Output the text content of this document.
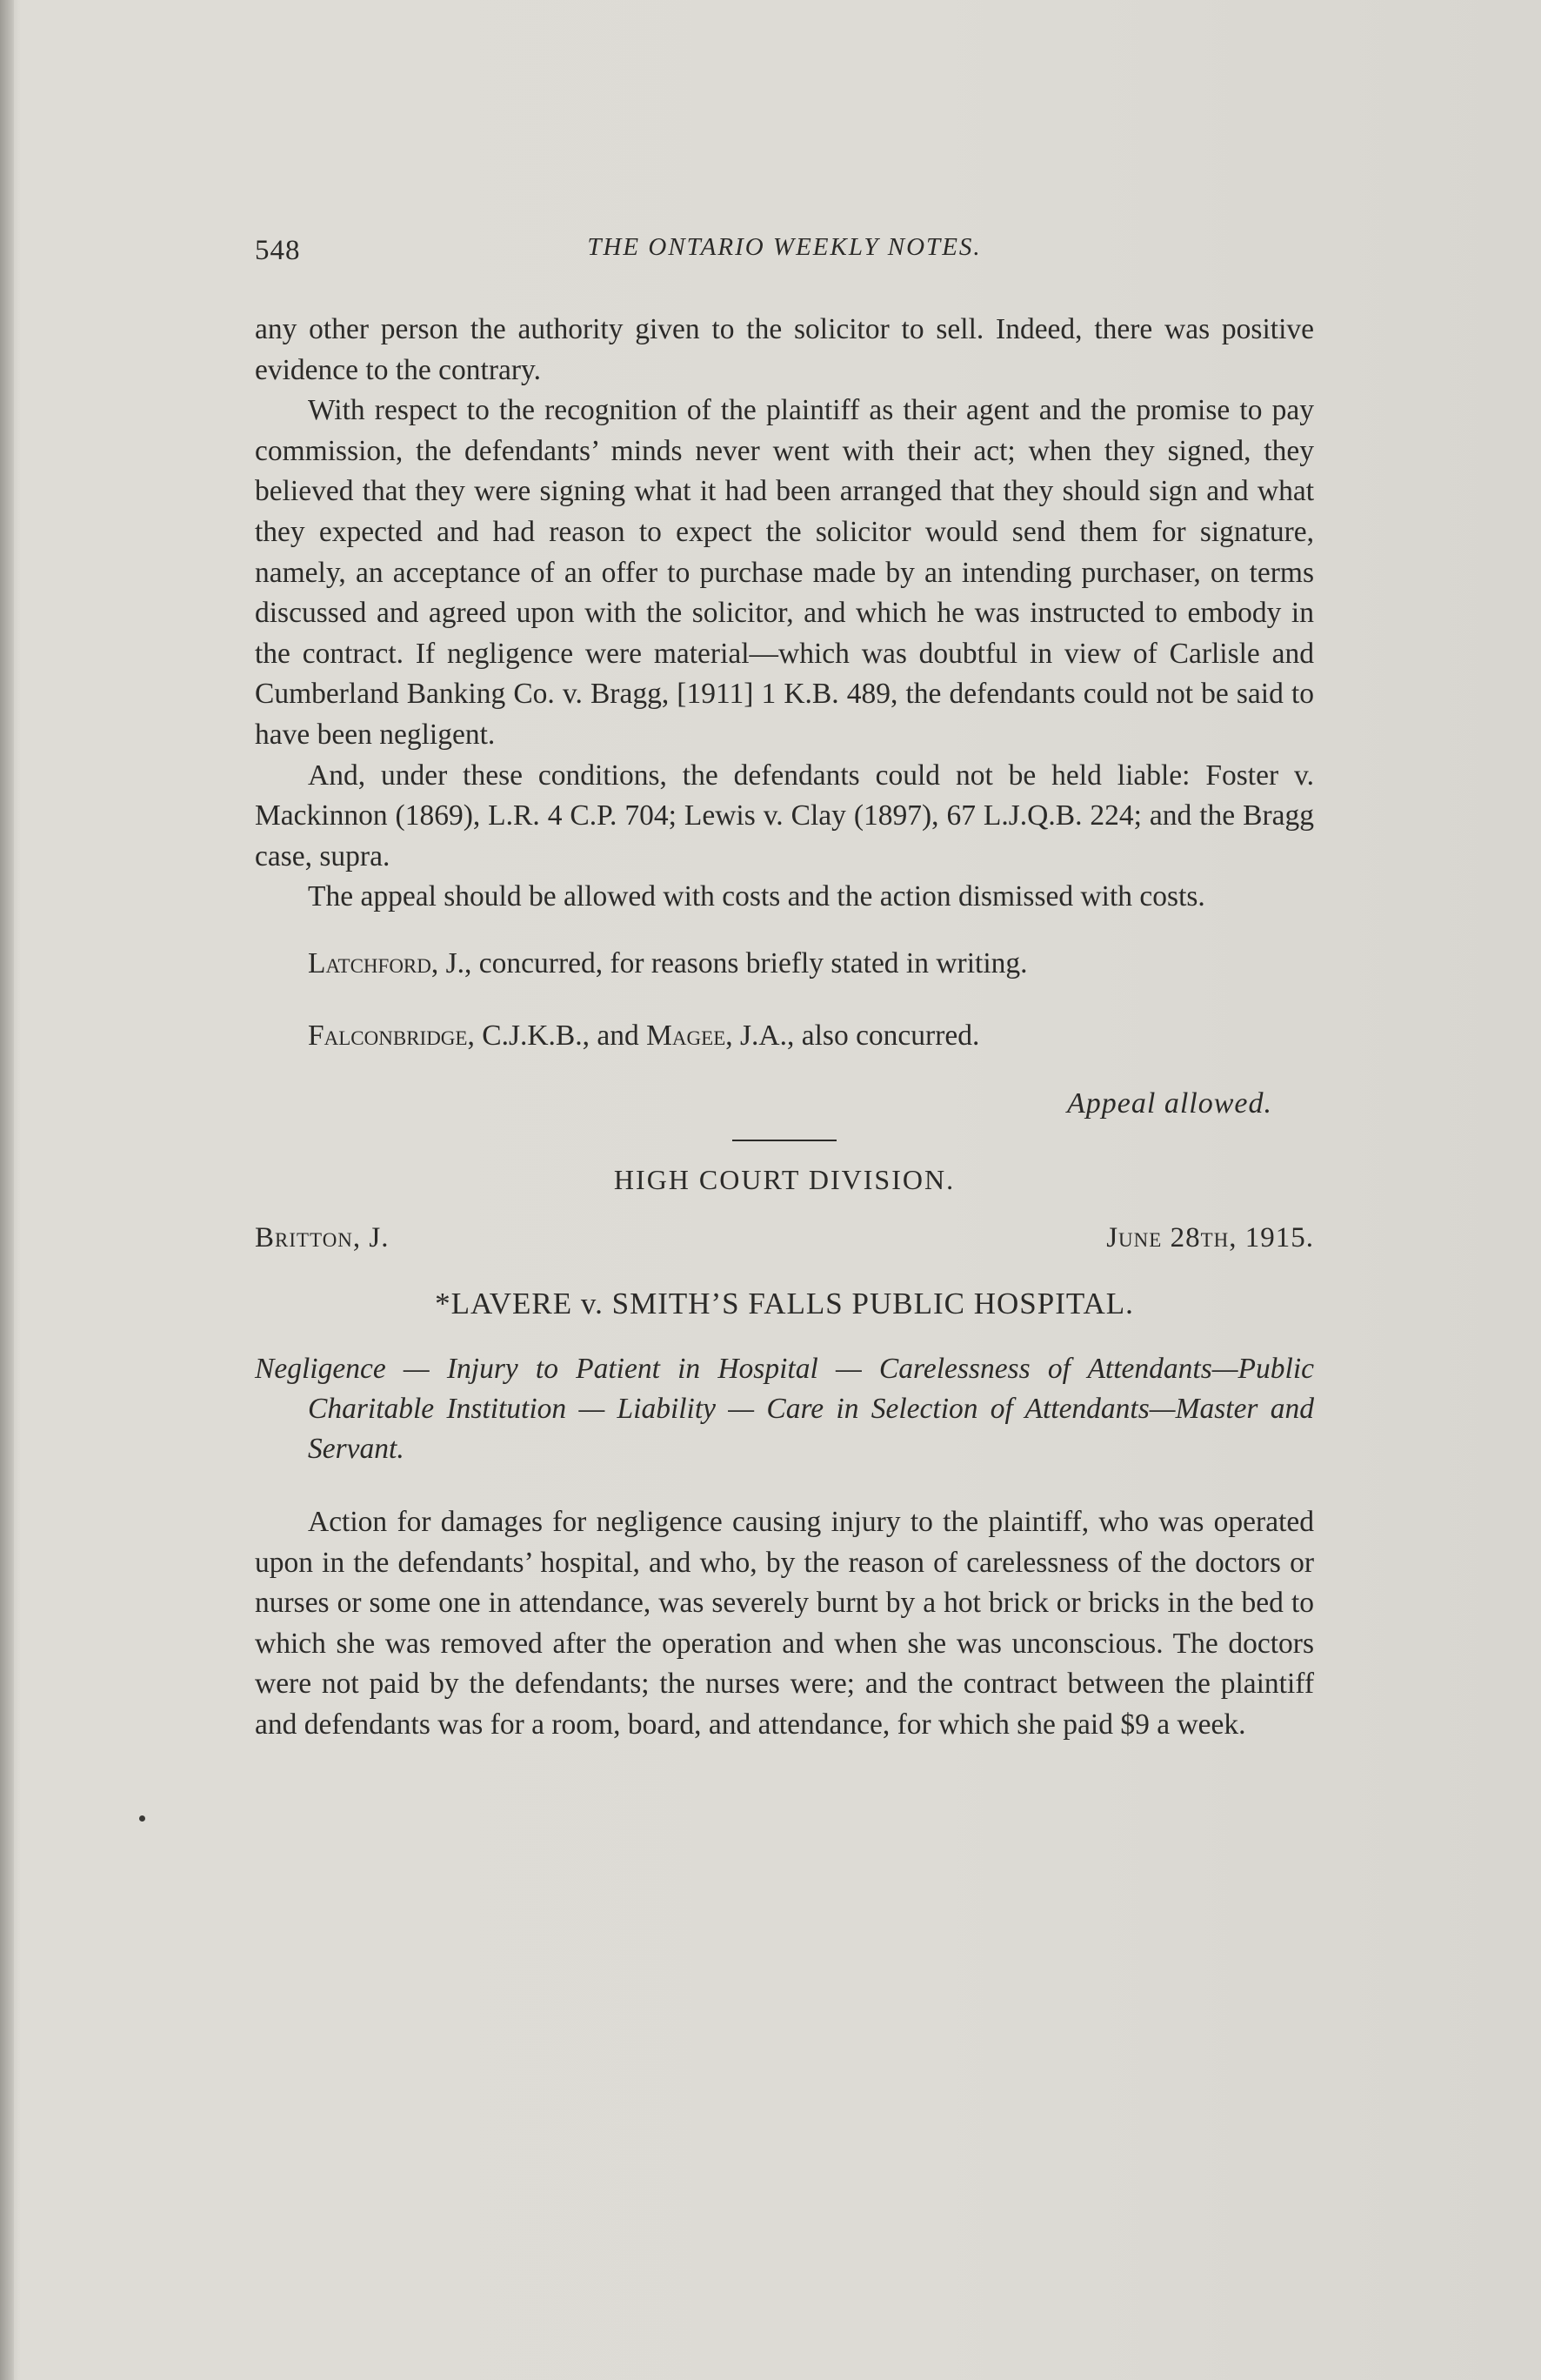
548	THE ONTARIO WEEKLY NOTES.

any other person the authority given to the solicitor to sell. Indeed, there was positive evidence to the contrary.

With respect to the recognition of the plaintiff as their agent and the promise to pay commission, the defendants’ minds never went with their act; when they signed, they believed that they were signing what it had been arranged that they should sign and what they expected and had reason to expect the solicitor would send them for signature, namely, an acceptance of an offer to purchase made by an intending purchaser, on terms discussed and agreed upon with the solicitor, and which he was instructed to embody in the contract. If negligence were material—which was doubtful in view of Carlisle and Cumberland Banking Co. v. Bragg, [1911] 1 K.B. 489, the defendants could not be said to have been negligent.

And, under these conditions, the defendants could not be held liable: Foster v. Mackinnon (1869), L.R. 4 C.P. 704; Lewis v. Clay (1897), 67 L.J.Q.B. 224; and the Bragg case, supra.

The appeal should be allowed with costs and the action dismissed with costs.

Latchford, J., concurred, for reasons briefly stated in writing.

Falconbridge, C.J.K.B., and Magee, J.A., also concurred.

Appeal allowed.
HIGH COURT DIVISION.
Britton, J.	June 28th, 1915.
*LAVERE v. SMITH’S FALLS PUBLIC HOSPITAL.
Negligence — Injury to Patient in Hospital — Carelessness of Attendants—Public Charitable Institution — Liability — Care in Selection of Attendants—Master and Servant.

Action for damages for negligence causing injury to the plaintiff, who was operated upon in the defendants’ hospital, and who, by the reason of carelessness of the doctors or nurses or some one in attendance, was severely burnt by a hot brick or bricks in the bed to which she was removed after the operation and when she was unconscious. The doctors were not paid by the defendants; the nurses were; and the contract between the plaintiff and defendants was for a room, board, and attendance, for which she paid $9 a week.
